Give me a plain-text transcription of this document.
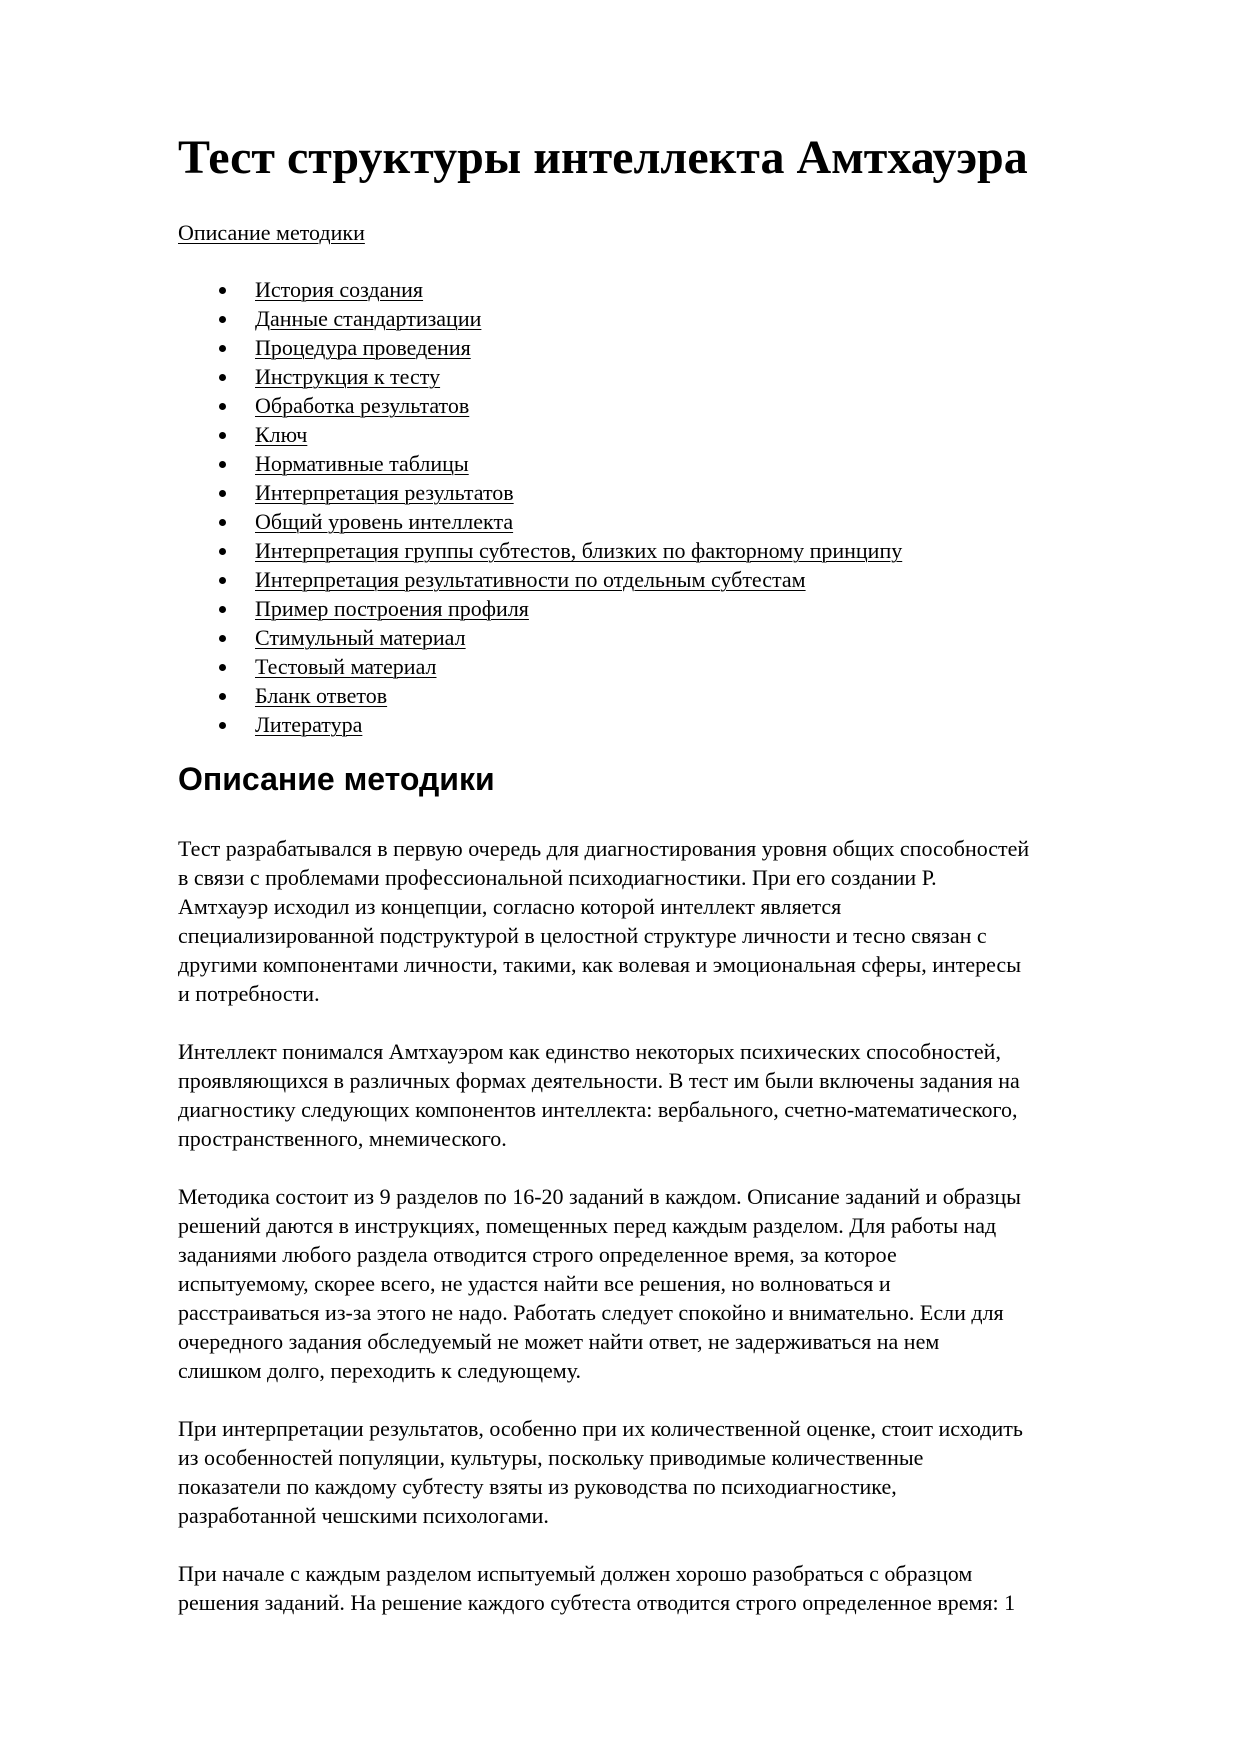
Тест структуры интеллекта Амтхауэра
Описание методики
История создания
Данные стандартизации
Процедура проведения
Инструкция к тесту
Обработка результатов
Ключ
Нормативные таблицы
Интерпретация результатов
Общий уровень интеллекта
Интерпретация группы субтестов, близких по факторному принципу
Интерпретация результативности по отдельным субтестам
Пример построения профиля
Стимульный материал
Тестовый материал
Бланк ответов
Литература
Описание методики

Тест разрабатывался в первую очередь для диагностирования уровня общих способностей
в связи с проблемами профессиональной психодиагностики. При его создании Р.
Амтхауэр исходил из концепции, согласно которой интеллект является
специализированной подструктурой в целостной структуре личности и тесно связан с
другими компонентами личности, такими, как волевая и эмоциональная сферы, интересы
и потребности.

Интеллект понимался Амтхауэром как единство некоторых психических способностей,
проявляющихся в различных формах деятельности. В тест им были включены задания на
диагностику следующих компонентов интеллекта: вербального, счетно-математического,
пространственного, мнемического.

Методика состоит из 9 разделов по 16-20 заданий в каждом. Описание заданий и образцы
решений даются в инструкциях, помещенных перед каждым разделом. Для работы над
заданиями любого раздела отводится строго определенное время, за которое
испытуемому, скорее всего, не удастся найти все решения, но волноваться и
расстраиваться из-за этого не надо. Работать следует спокойно и внимательно. Если для
очередного задания обследуемый не может найти ответ, не задерживаться на нем
слишком долго, переходить к следующему.

При интерпретации результатов, особенно при их количественной оценке, стоит исходить
из особенностей популяции, культуры, поскольку приводимые количественные
показатели по каждому субтесту взяты из руководства по психодиагностике,
разработанной чешскими психологами.

При начале с каждым разделом испытуемый должен хорошо разобраться с образцом
решения заданий. На решение каждого субтеста отводится строго определенное время: 1
